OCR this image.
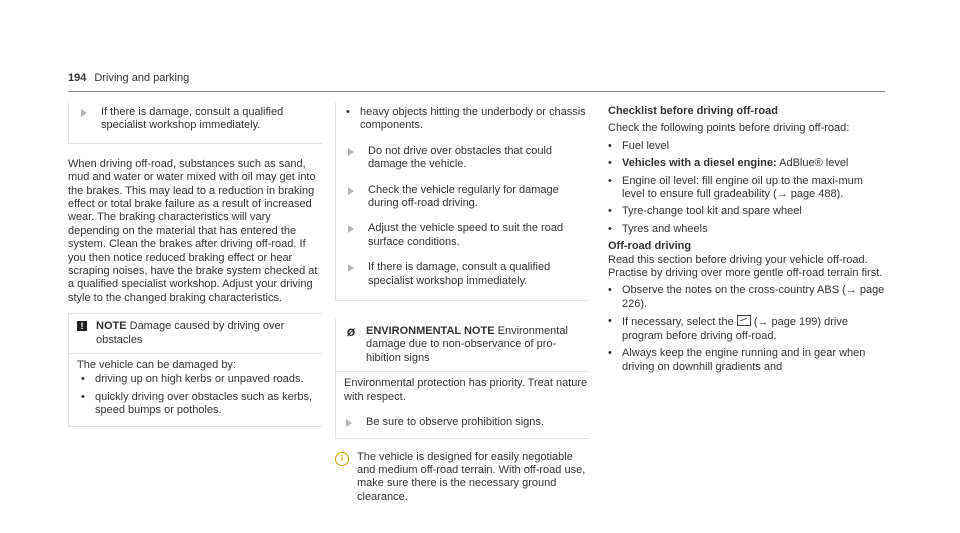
194 Driving and parking
If there is damage, consult a qualified specialist workshop immediately.

When driving off-road, substances such as sand, mud and water or water mixed with oil may get into the brakes. This may lead to a reduction in braking effect or total brake failure as a result of increased wear. The braking characteristics will vary depending on the material that has entered the system. Clean the brakes after driving off-road. If you then notice reduced braking effect or hear scraping noises, have the brake system checked at a qualified specialist workshop. Adjust your driving style to the changed braking characteristics.

!	NOTE Damage caused by driving over obstacles

The vehicle can be damaged by:

•
driving up on high kerbs or unpaved roads.
•
quickly driving over obstacles such as kerbs, speed bumps or potholes.
•
heavy objects hitting the underbody or chassis components.
Do not drive over obstacles that could damage the vehicle.
Check the vehicle regularly for damage during off-road driving.
Adjust the vehicle speed to suit the road surface conditions.
If there is damage, consult a qualified specialist workshop immediately.
ø ENVIRONMENTAL NOTE Environmental damage due to non-observance of pro-hibition signs

Environmental protection has priority. Treat nature with respect.

Be sure to observe prohibition signs.
i	The vehicle is designed for easily negotiable and medium off-road terrain. With off-road use, make sure there is the necessary ground clearance.

Checklist before driving off-road

Check the following points before driving off-road:

•
Fuel level
•
Vehicles with a diesel engine: AdBlue® level
•
Engine oil level: fill engine oil up to the maxi-mum level to ensure full gradeability (→ page 488).
•
Tyre-change tool kit and spare wheel
•
Tyres and wheels

Off-road driving

Read this section before driving your vehicle off-road. Practise by driving over more gentle off-road terrain first.

•
Observe the notes on the cross-country ABS (→ page 226).
•
If necessary, select the (→ page 199) drive program before driving off-road.
•
Always keep the engine running and in gear when driving on downhill gradients and
